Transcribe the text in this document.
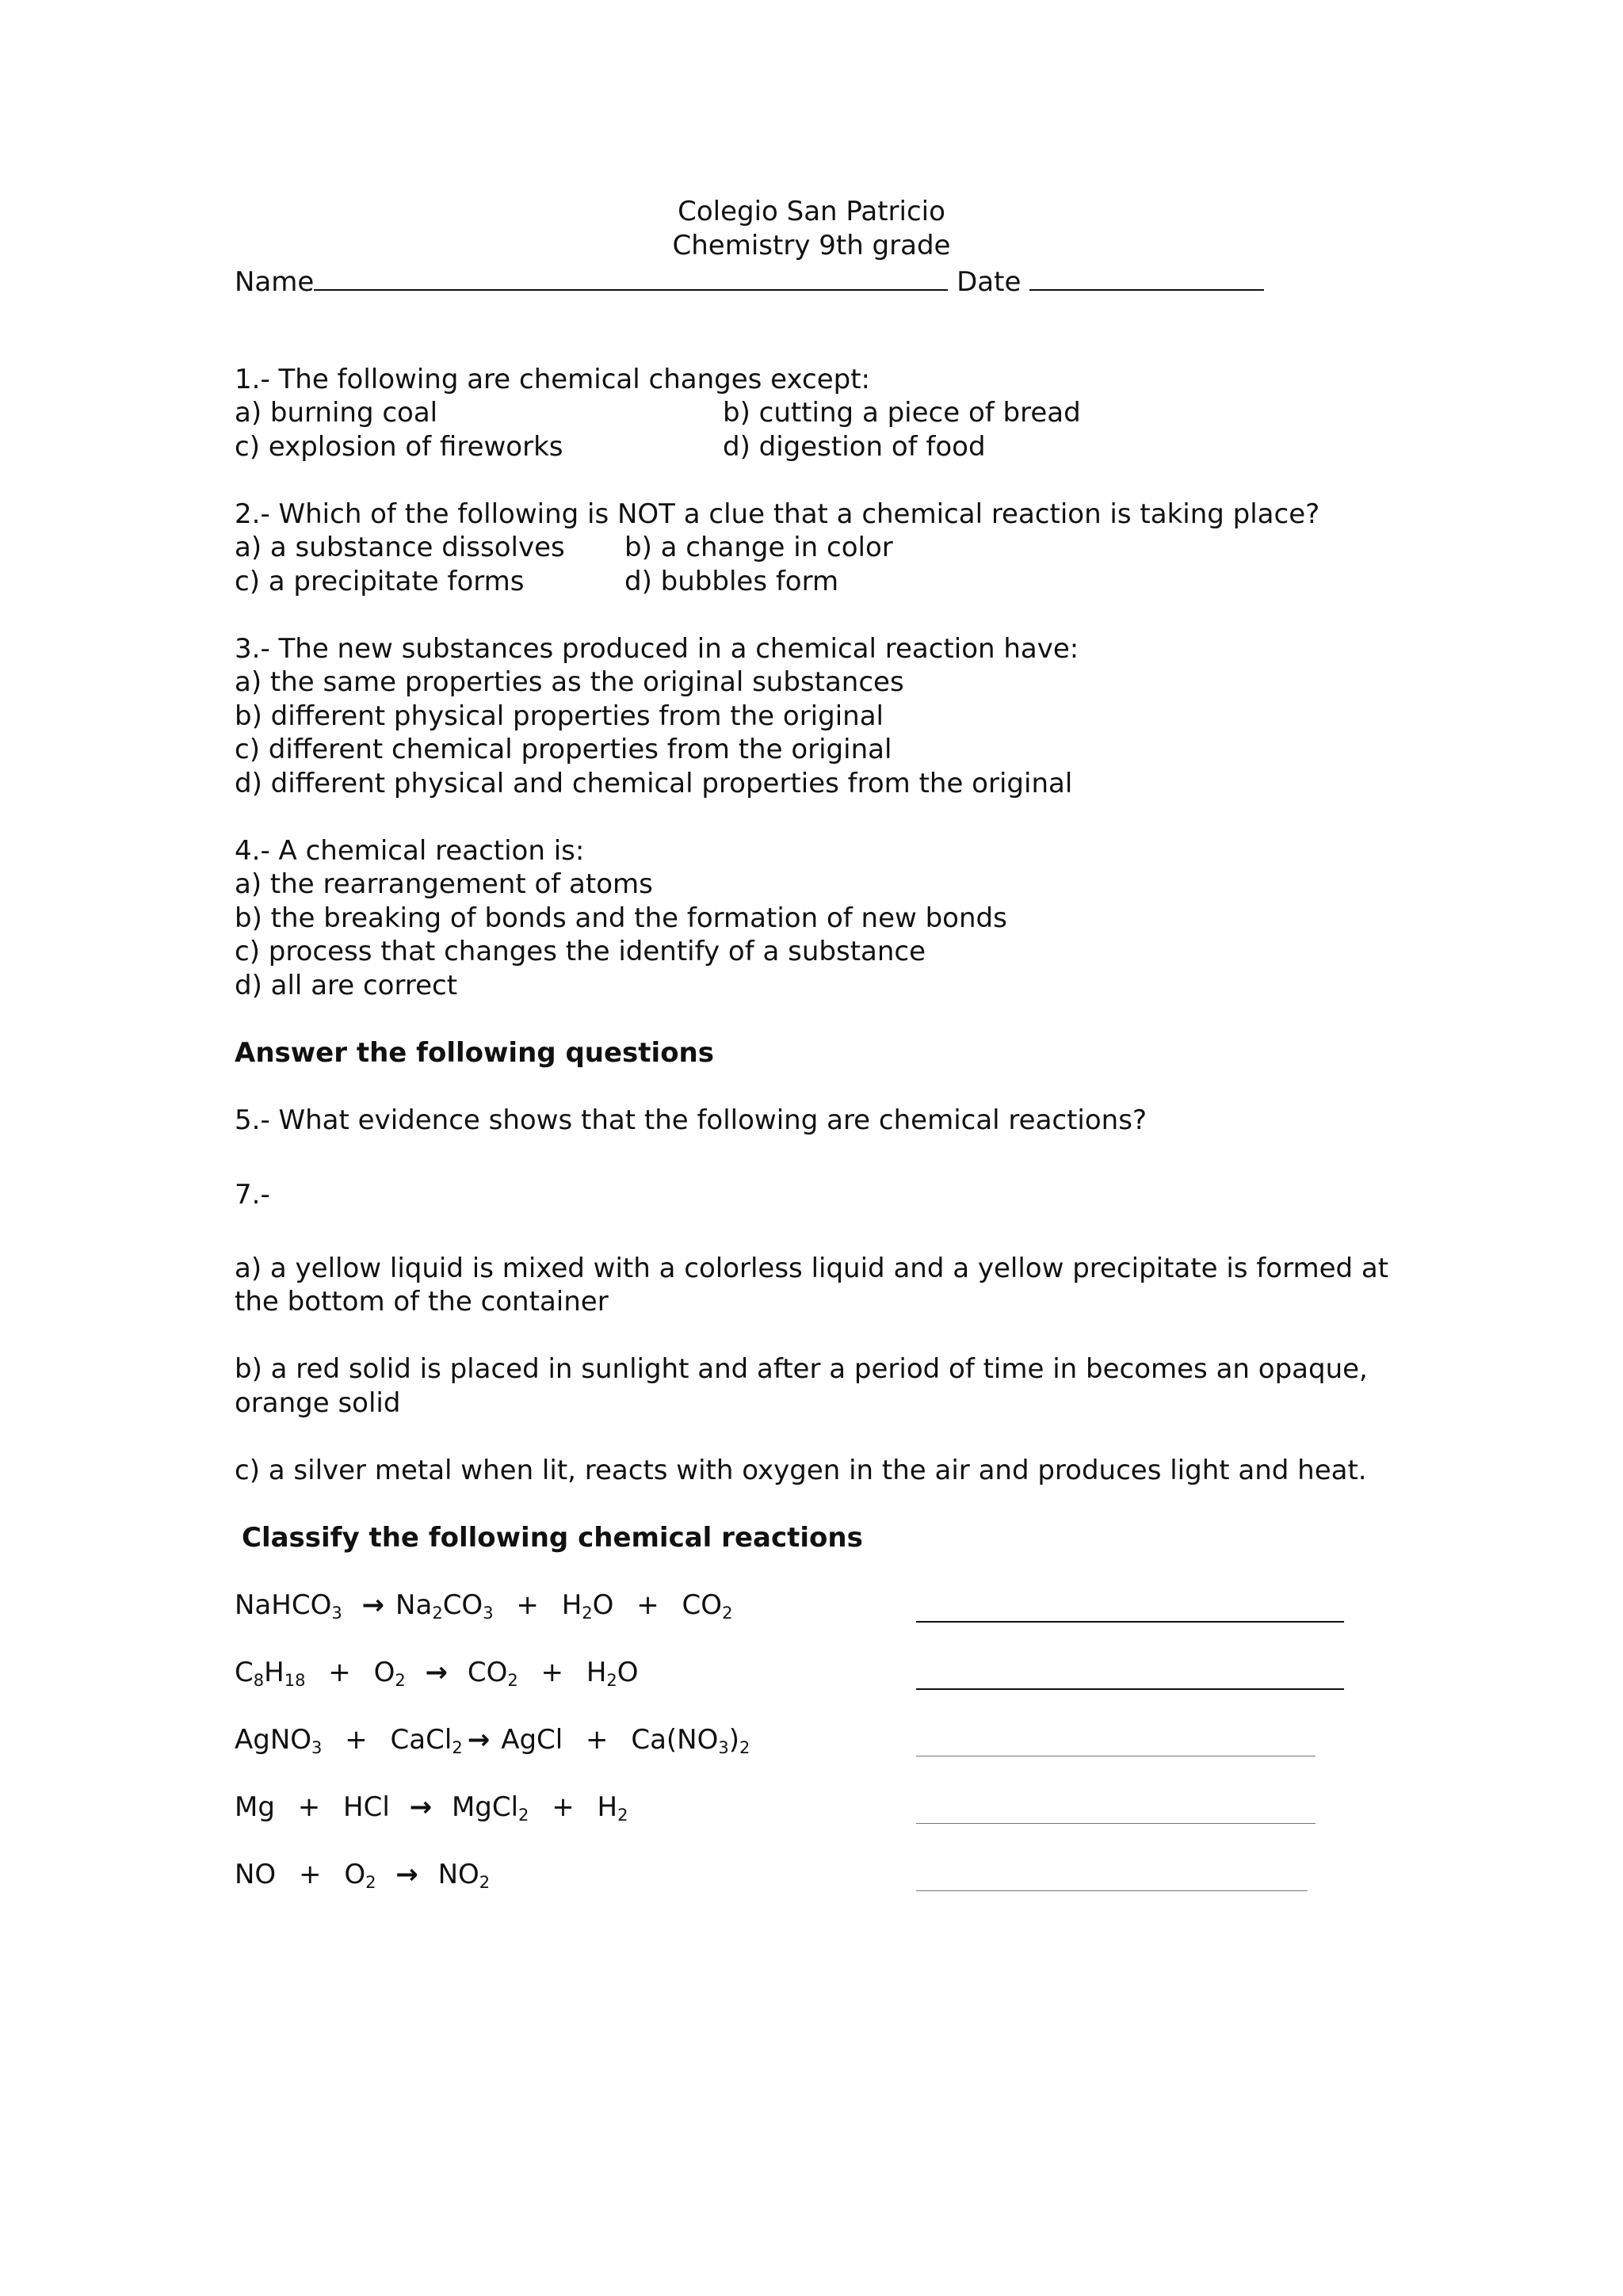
Colegio San Patricio
Chemistry 9th grade
Name	Date
1.- The following are chemical changes except:
a) burning coal	b) cutting a piece of bread
c) explosion of fireworks	d) digestion of food
2.- Which of the following is NOT a clue that a chemical reaction is taking place?
a) a substance dissolves b) a change in color
c) a precipitate forms	d) bubbles form
3.- The new substances produced in a chemical reaction have:
a) the same properties as the original substances
b) different physical properties from the original
c) different chemical properties from the original
d) different physical and chemical properties from the original
4.- A chemical reaction is:
a) the rearrangement of atoms
b) the breaking of bonds and the formation of new bonds
c) process that changes the identify of a substance
d) all are correct
Answer the following questions
5.- What evidence shows that the following are chemical reactions?
7.-
a) a yellow liquid is mixed with a colorless liquid and a yellow precipitate is formed at
the bottom of the container
b) a red solid is placed in sunlight and after a period of time in becomes an opaque,
orange solid
c) a silver metal when lit, reacts with oxygen in the air and produces light and heat.
Classify the following chemical reactions
NaHCO$_3$ → $Na_2CO_3 + H_2O + CO_2$
$C_8H_{18} + O_2 \to CO_2 + H_2O$
AgNO$_3$ + CaCl$_2$ → AgCl + $Ca(NO_3)_2$
Mg + HCl → MgCl$_2$ + $H_2$
NO + $O_2 \to NO_2$
